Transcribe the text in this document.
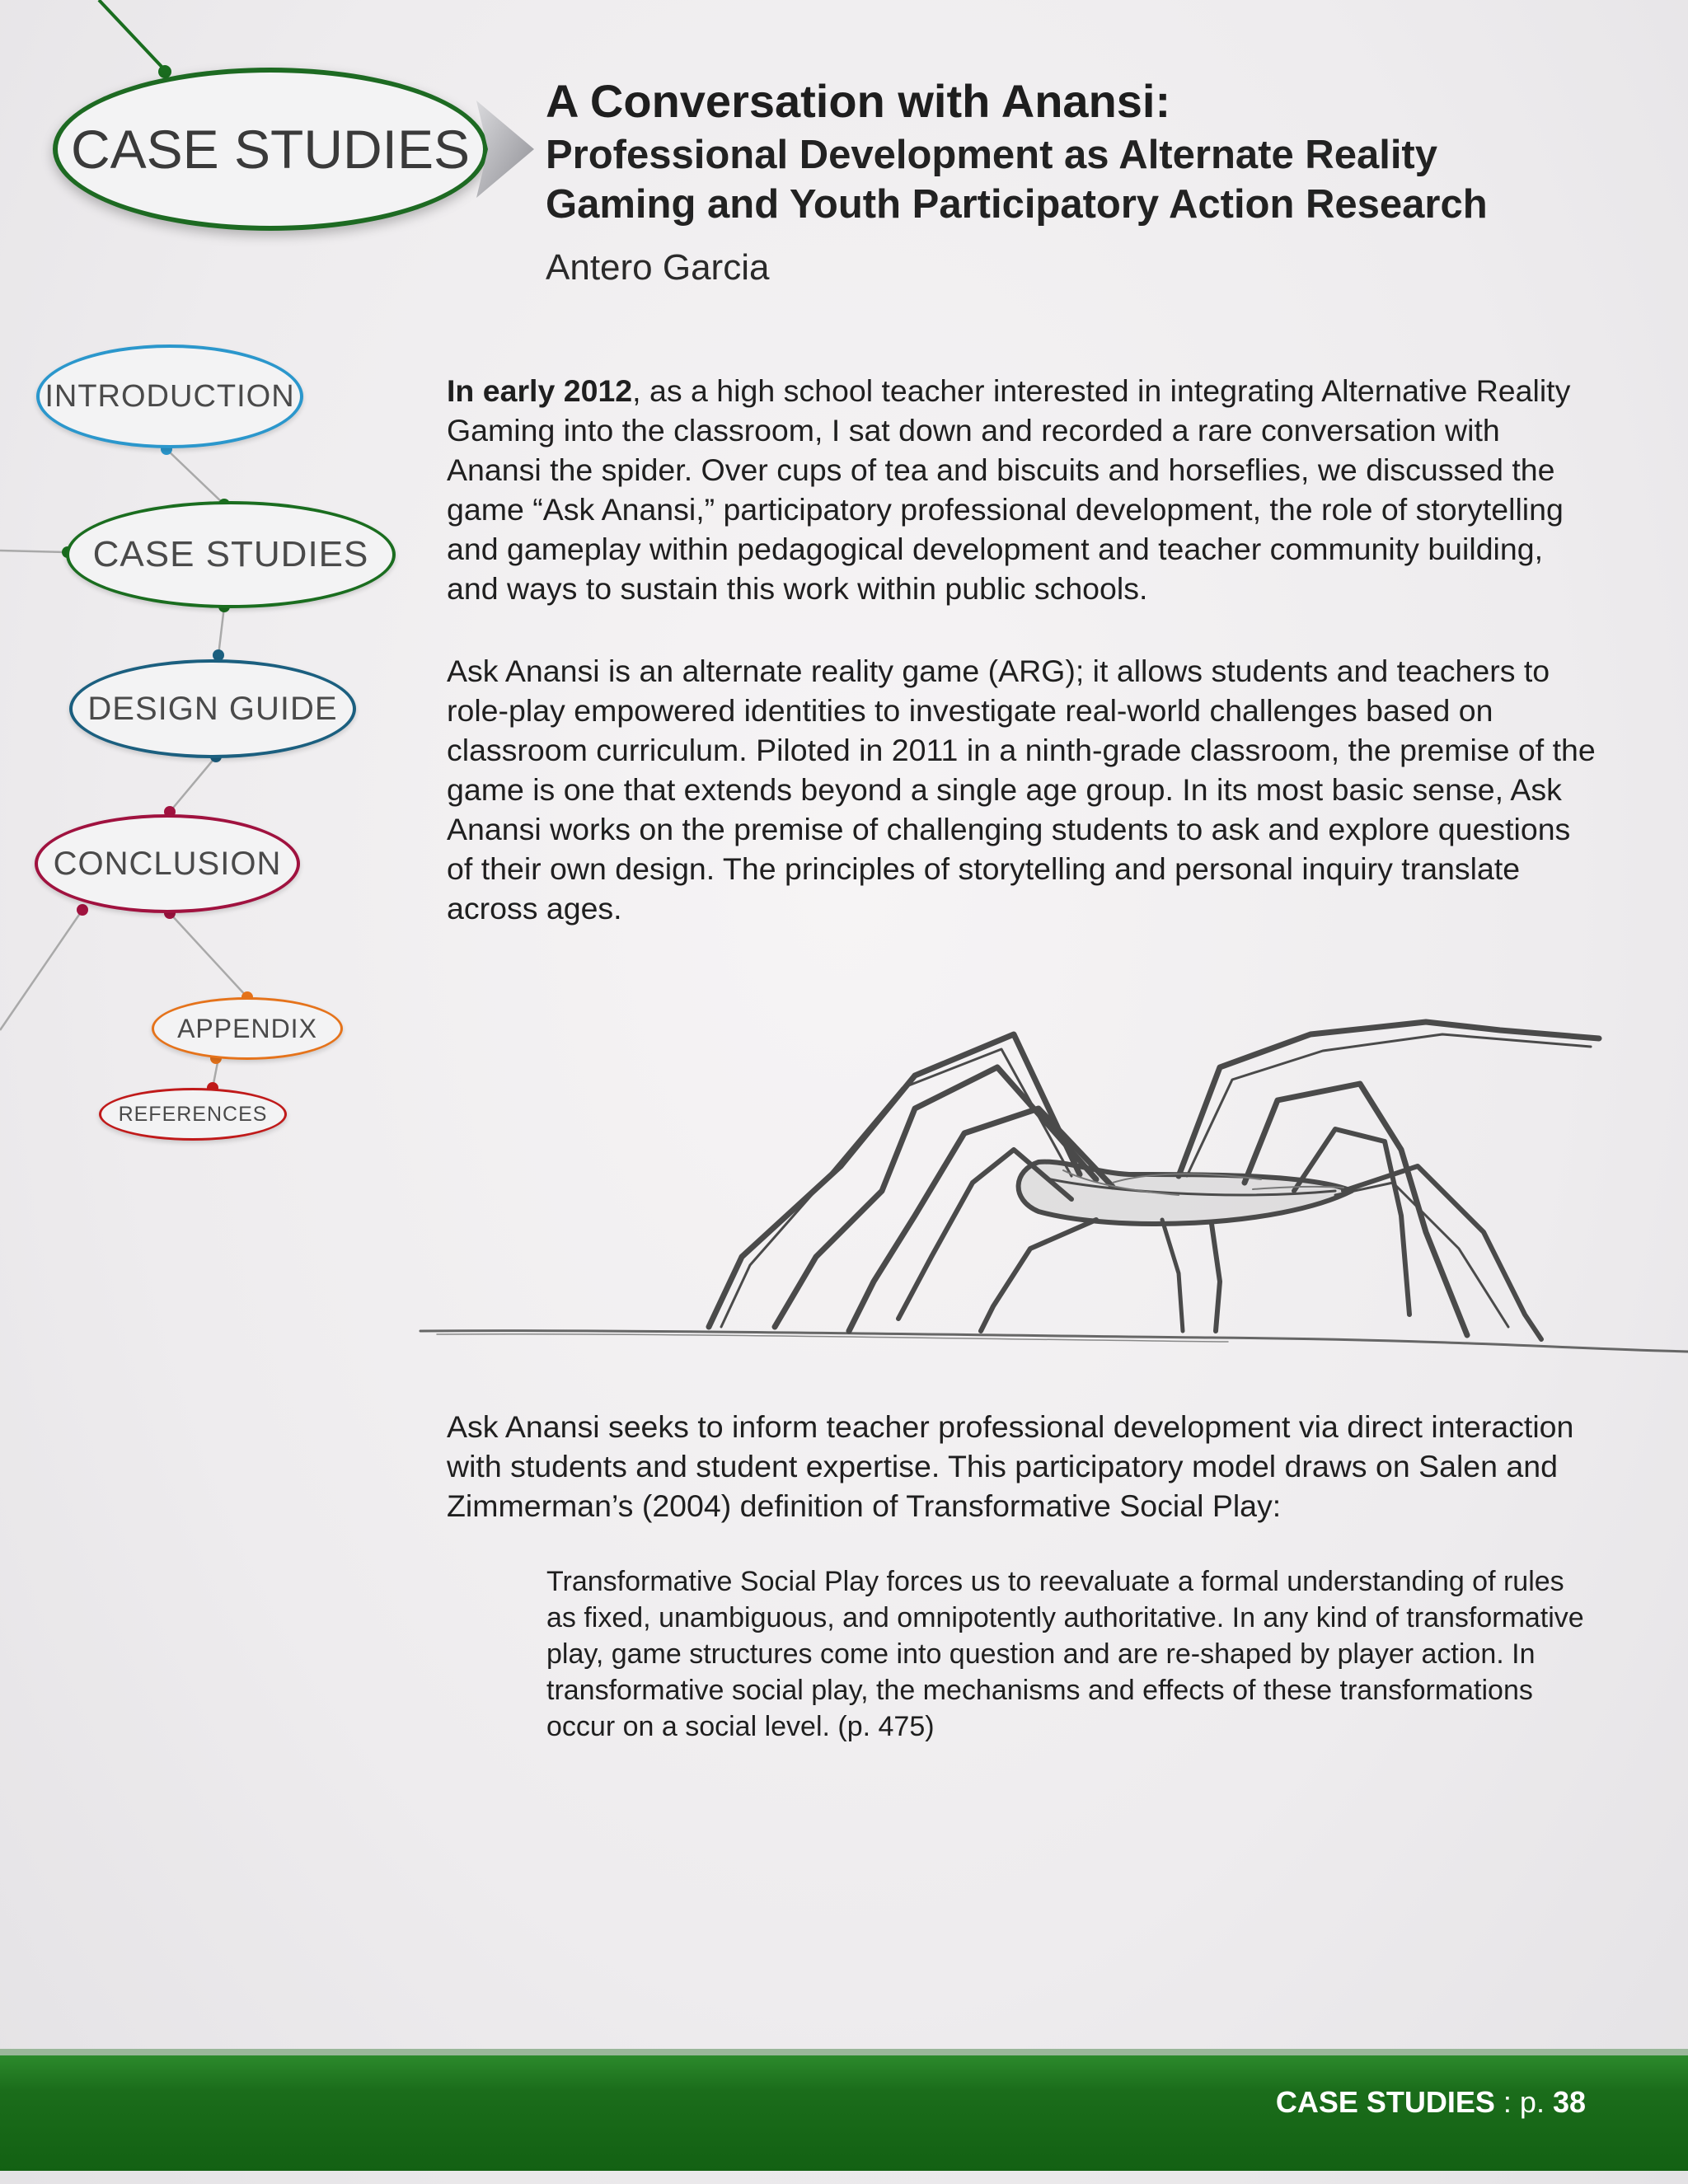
CASE STUDIES
INTRODUCTION
CASE STUDIES
DESIGN GUIDE
CONCLUSION
APPENDIX
REFERENCES
A Conversation with Anansi:
Professional Development as Alternate Reality
Gaming and Youth Participatory Action Research
Antero Garcia
In early 2012, as a high school teacher interested in integrating Alternative Reality Gaming into the classroom, I sat down and recorded a rare conversation with Anansi the spider. Over cups of tea and biscuits and horseflies, we discussed the game “Ask Anansi,” participatory professional development, the role of storytelling and gameplay within pedagogical development and teacher community building, and ways to sustain this work within public schools.
Ask Anansi is an alternate reality game (ARG); it allows students and teachers to role-play empowered identities to investigate real-world challenges based on classroom curriculum. Piloted in 2011 in a ninth-grade classroom, the premise of the game is one that extends beyond a single age group. In its most basic sense, Ask Anansi works on the premise of challenging students to ask and explore questions of their own design. The principles of storytelling and personal inquiry translate across ages.
Ask Anansi seeks to inform teacher professional development via direct interaction with students and student expertise. This participatory model draws on Salen and Zimmerman’s (2004) definition of Transformative Social Play:
Transformative Social Play forces us to reevaluate a formal understanding of rules as fixed, unambiguous, and omnipotently authoritative. In any kind of transformative play, game structures come into question and are re-shaped by player action. In transformative social play, the mechanisms and effects of these transformations occur on a social level. (p. 475)
CASE STUDIES : p. 38
